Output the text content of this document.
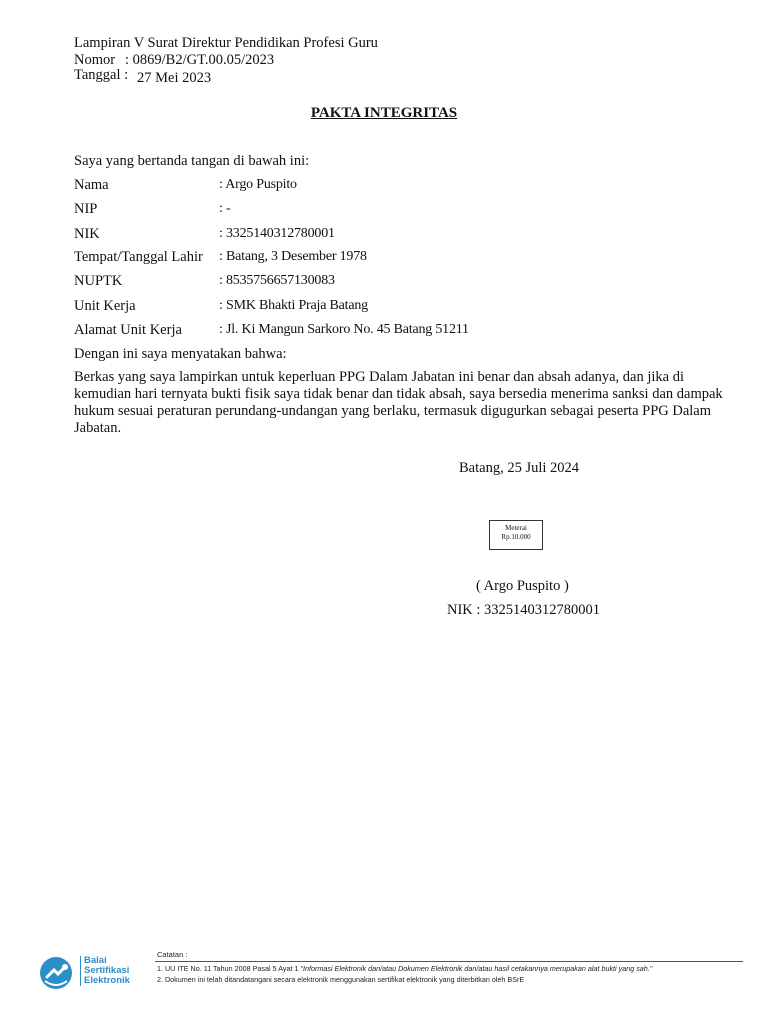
Lampiran V Surat Direktur Pendidikan Profesi Guru
Nomor : 0869/B2/GT.00.05/2023
Tanggal : 27 Mei 2023
PAKTA INTEGRITAS
Saya yang bertanda tangan di bawah ini:
Nama	: Argo Puspito
NIP	: -
NIK	: 3325140312780001
Tempat/Tanggal Lahir : Batang, 3 Desember 1978
NUPTK	: 8535756657130083
Unit Kerja	: SMK Bhakti Praja Batang
Alamat Unit Kerja	: Jl. Ki Mangun Sarkoro No. 45 Batang 51211
Dengan ini saya menyatakan bahwa:
Berkas yang saya lampirkan untuk keperluan PPG Dalam Jabatan ini benar dan absah adanya, dan jika di kemudian hari ternyata bukti fisik saya tidak benar dan tidak absah, saya bersedia menerima sanksi dan dampak hukum sesuai peraturan perundang-undangan yang berlaku, termasuk digugurkan sebagai peserta PPG Dalam Jabatan.
Batang, 25 Juli 2024
Meterai
Rp.10.000
( Argo Puspito )
NIK : 3325140312780001
Balai
Sertifikasi
Elektronik
Catatan :
1. UU ITE No. 11 Tahun 2008 Pasal 5 Ayat 1 "Informasi Elektronik dan/atau Dokumen Elektronik dan/atau hasil cetakannya merupakan alat bukti yang sah."
2. Dokumen ini telah ditandatangani secara elektronik menggunakan sertifikat elektronik yang diterbitkan oleh BSrE
